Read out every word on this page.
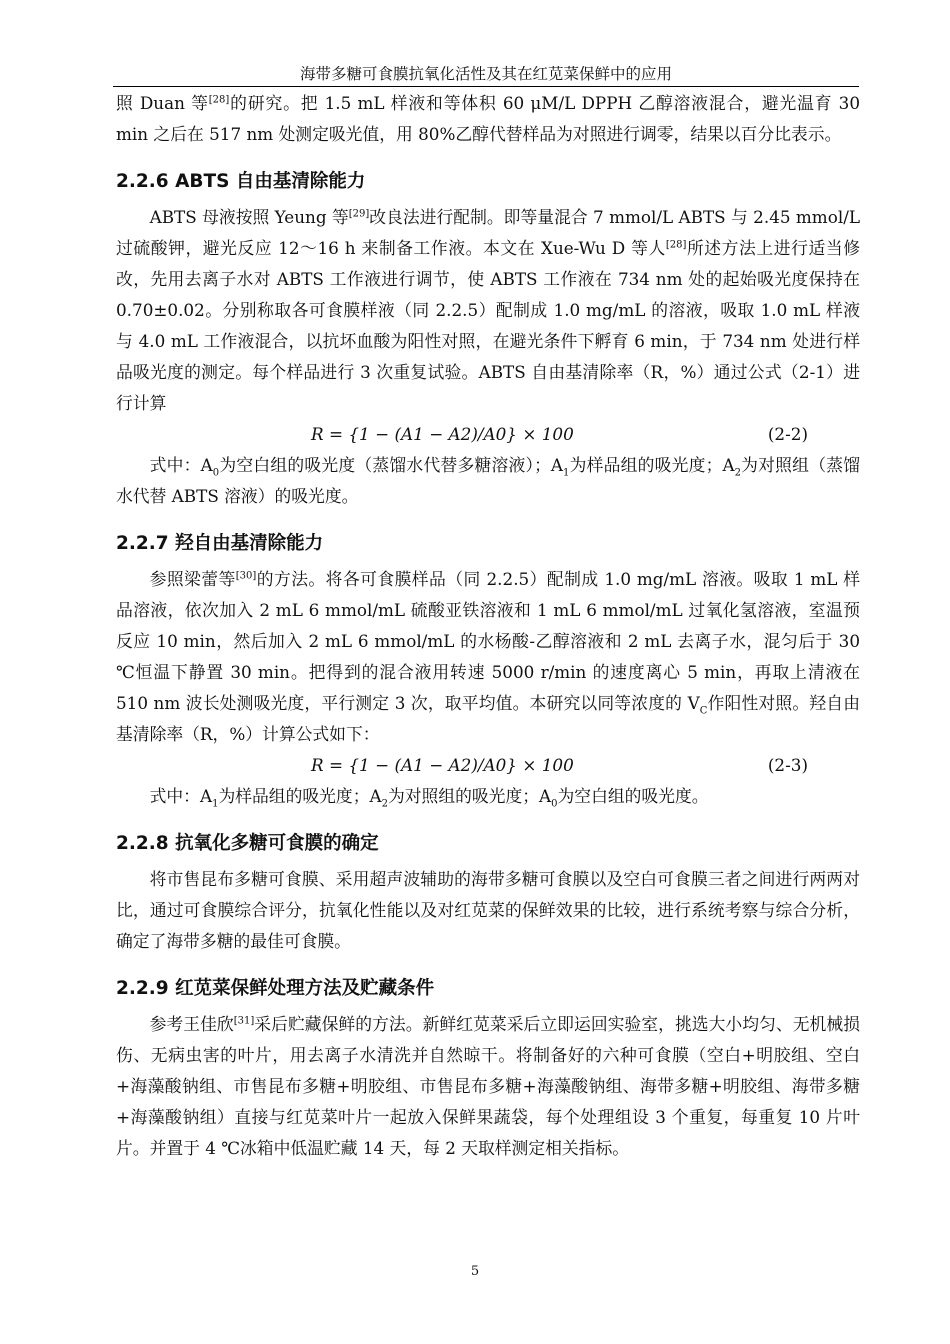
海带多糖可食膜抗氧化活性及其在红苋菜保鲜中的应用

照 Duan 等[28]的研究。把 1.5 mL 样液和等体积 60 μM/L DPPH 乙醇溶液混合，避光温育 30 min 之后在 517 nm 处测定吸光值，用 80%乙醇代替样品为对照进行调零，结果以百分比表示。

2.2.6 ABTS 自由基清除能力

ABTS 母液按照 Yeung 等[29]改良法进行配制。即等量混合 7 mmol/L ABTS 与 2.45 mmol/L 过硫酸钾，避光反应 12～16 h 来制备工作液。本文在 Xue-Wu D 等人[28]所述方法上进行适当修改，先用去离子水对 ABTS 工作液进行调节，使 ABTS 工作液在 734 nm 处的起始吸光度保持在 0.70±0.02。分别称取各可食膜样液（同 2.2.5）配制成 1.0 mg/mL 的溶液，吸取 1.0 mL 样液与 4.0 mL 工作液混合，以抗坏血酸为阳性对照，在避光条件下孵育 6 min，于 734 nm 处进行样品吸光度的测定。每个样品进行 3 次重复试验。ABTS 自由基清除率（R，%）通过公式（2-1）进行计算

R = {1 − (A1 − A2)/A0} × 100	(2-2)

式中：$A_0$为空白组的吸光度（蒸馏水代替多糖溶液）；$A_1$为样品组的吸光度；$A_2$为对照组（蒸馏水代替 ABTS 溶液）的吸光度。

2.2.7 羟自由基清除能力

参照梁蕾等[30]的方法。将各可食膜样品（同 2.2.5）配制成 1.0 mg/mL 溶液。吸取 1 mL 样品溶液，依次加入 2 mL 6 mmol/mL 硫酸亚铁溶液和 1 mL 6 mmol/mL 过氧化氢溶液，室温预反应 10 min，然后加入 2 mL 6 mmol/mL 的水杨酸-乙醇溶液和 2 mL 去离子水，混匀后于 30 ℃恒温下静置 30 min。把得到的混合液用转速 5000 r/min 的速度离心 5 min，再取上清液在 510 nm 波长处测吸光度，平行测定 3 次，取平均值。本研究以同等浓度的 $V_C$作阳性对照。羟自由基清除率（R，%）计算公式如下：

R = {1 − (A1 − A2)/A0} × 100	(2-3)

式中：$A_1$为样品组的吸光度；$A_2$为对照组的吸光度；$A_0$为空白组的吸光度。

2.2.8 抗氧化多糖可食膜的确定

将市售昆布多糖可食膜、采用超声波辅助的海带多糖可食膜以及空白可食膜三者之间进行两两对比，通过可食膜综合评分，抗氧化性能以及对红苋菜的保鲜效果的比较，进行系统考察与综合分析，确定了海带多糖的最佳可食膜。

2.2.9 红苋菜保鲜处理方法及贮藏条件

参考王佳欣[31]采后贮藏保鲜的方法。新鲜红苋菜采后立即运回实验室，挑选大小均匀、无机械损伤、无病虫害的叶片，用去离子水清洗并自然晾干。将制备好的六种可食膜（空白+明胶组、空白+海藻酸钠组、市售昆布多糖+明胶组、市售昆布多糖+海藻酸钠组、海带多糖+明胶组、海带多糖+海藻酸钠组）直接与红苋菜叶片一起放入保鲜果蔬袋，每个处理组设 3 个重复，每重复 10 片叶片。并置于 4 ℃冰箱中低温贮藏 14 天，每 2 天取样测定相关指标。

5
